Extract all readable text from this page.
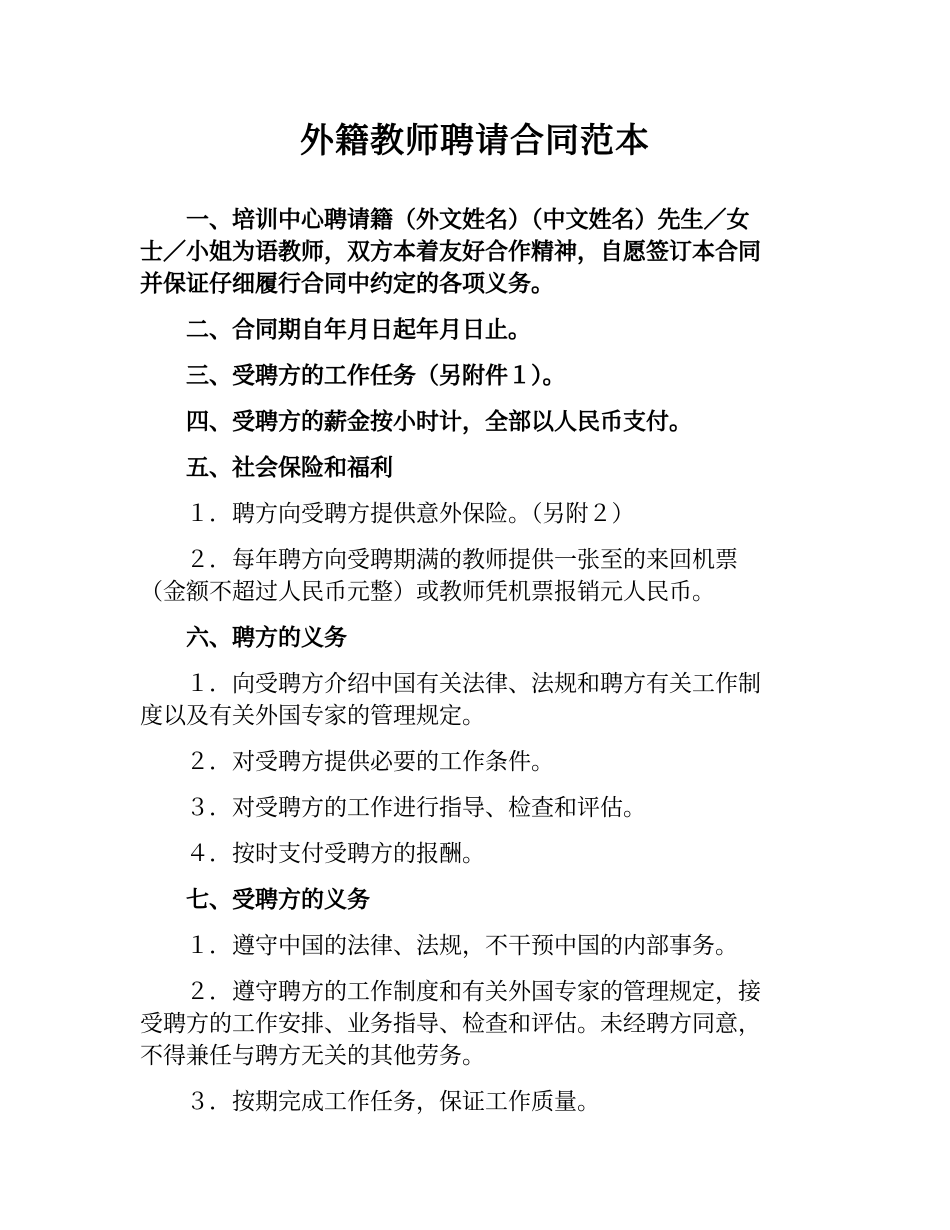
外籍教师聘请合同范本

一、培训中心聘请籍（外文姓名）（中文姓名）先生／女
士／小姐为语教师，双方本着友好合作精神，自愿签订本合同
并保证仔细履行合同中约定的各项义务。

二、合同期自年月日起年月日止。

三、受聘方的工作任务（另附件１）。

四、受聘方的薪金按小时计，全部以人民币支付。

五、社会保险和福利

１．聘方向受聘方提供意外保险。（另附２）

２．每年聘方向受聘期满的教师提供一张至的来回机票
（金额不超过人民币元整）或教师凭机票报销元人民币。

六、聘方的义务

１．向受聘方介绍中国有关法律、法规和聘方有关工作制
度以及有关外国专家的管理规定。

２．对受聘方提供必要的工作条件。

３．对受聘方的工作进行指导、检查和评估。

４．按时支付受聘方的报酬。

七、受聘方的义务

１．遵守中国的法律、法规，不干预中国的内部事务。

２．遵守聘方的工作制度和有关外国专家的管理规定，接
受聘方的工作安排、业务指导、检查和评估。未经聘方同意，
不得兼任与聘方无关的其他劳务。

３．按期完成工作任务，保证工作质量。
